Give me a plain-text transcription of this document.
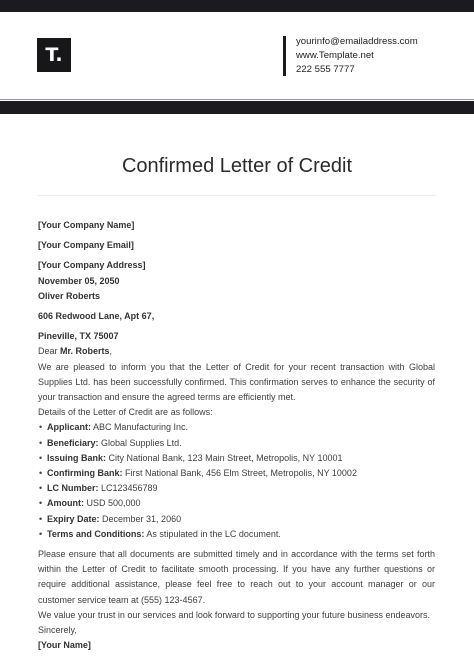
T.
yourinfo@emailaddress.com
www.Template.net
222 555 7777
Confirmed Letter of Credit
[Your Company Name]
[Your Company Email]
[Your Company Address]
November 05, 2050
Oliver Roberts
606 Redwood Lane, Apt 67,
Pineville, TX 75007
Dear Mr. Roberts,
We are pleased to inform you that the Letter of Credit for your recent transaction with Global Supplies Ltd. has been successfully confirmed. This confirmation serves to enhance the security of your transaction and ensure the agreed terms are efficiently met.
Details of the Letter of Credit are as follows:
• Applicant: ABC Manufacturing Inc.
• Beneficiary: Global Supplies Ltd.
• Issuing Bank: City National Bank, 123 Main Street, Metropolis, NY 10001
• Confirming Bank: First National Bank, 456 Elm Street, Metropolis, NY 10002
• LC Number: LC123456789
• Amount: USD 500,000
• Expiry Date: December 31, 2060
• Terms and Conditions: As stipulated in the LC document.
Please ensure that all documents are submitted timely and in accordance with the terms set forth within the Letter of Credit to facilitate smooth processing. If you have any further questions or require additional assistance, please feel free to reach out to your account manager or our customer service team at (555) 123-4567.
We value your trust in our services and look forward to supporting your future business endeavors.
Sincerely,
[Your Name]
